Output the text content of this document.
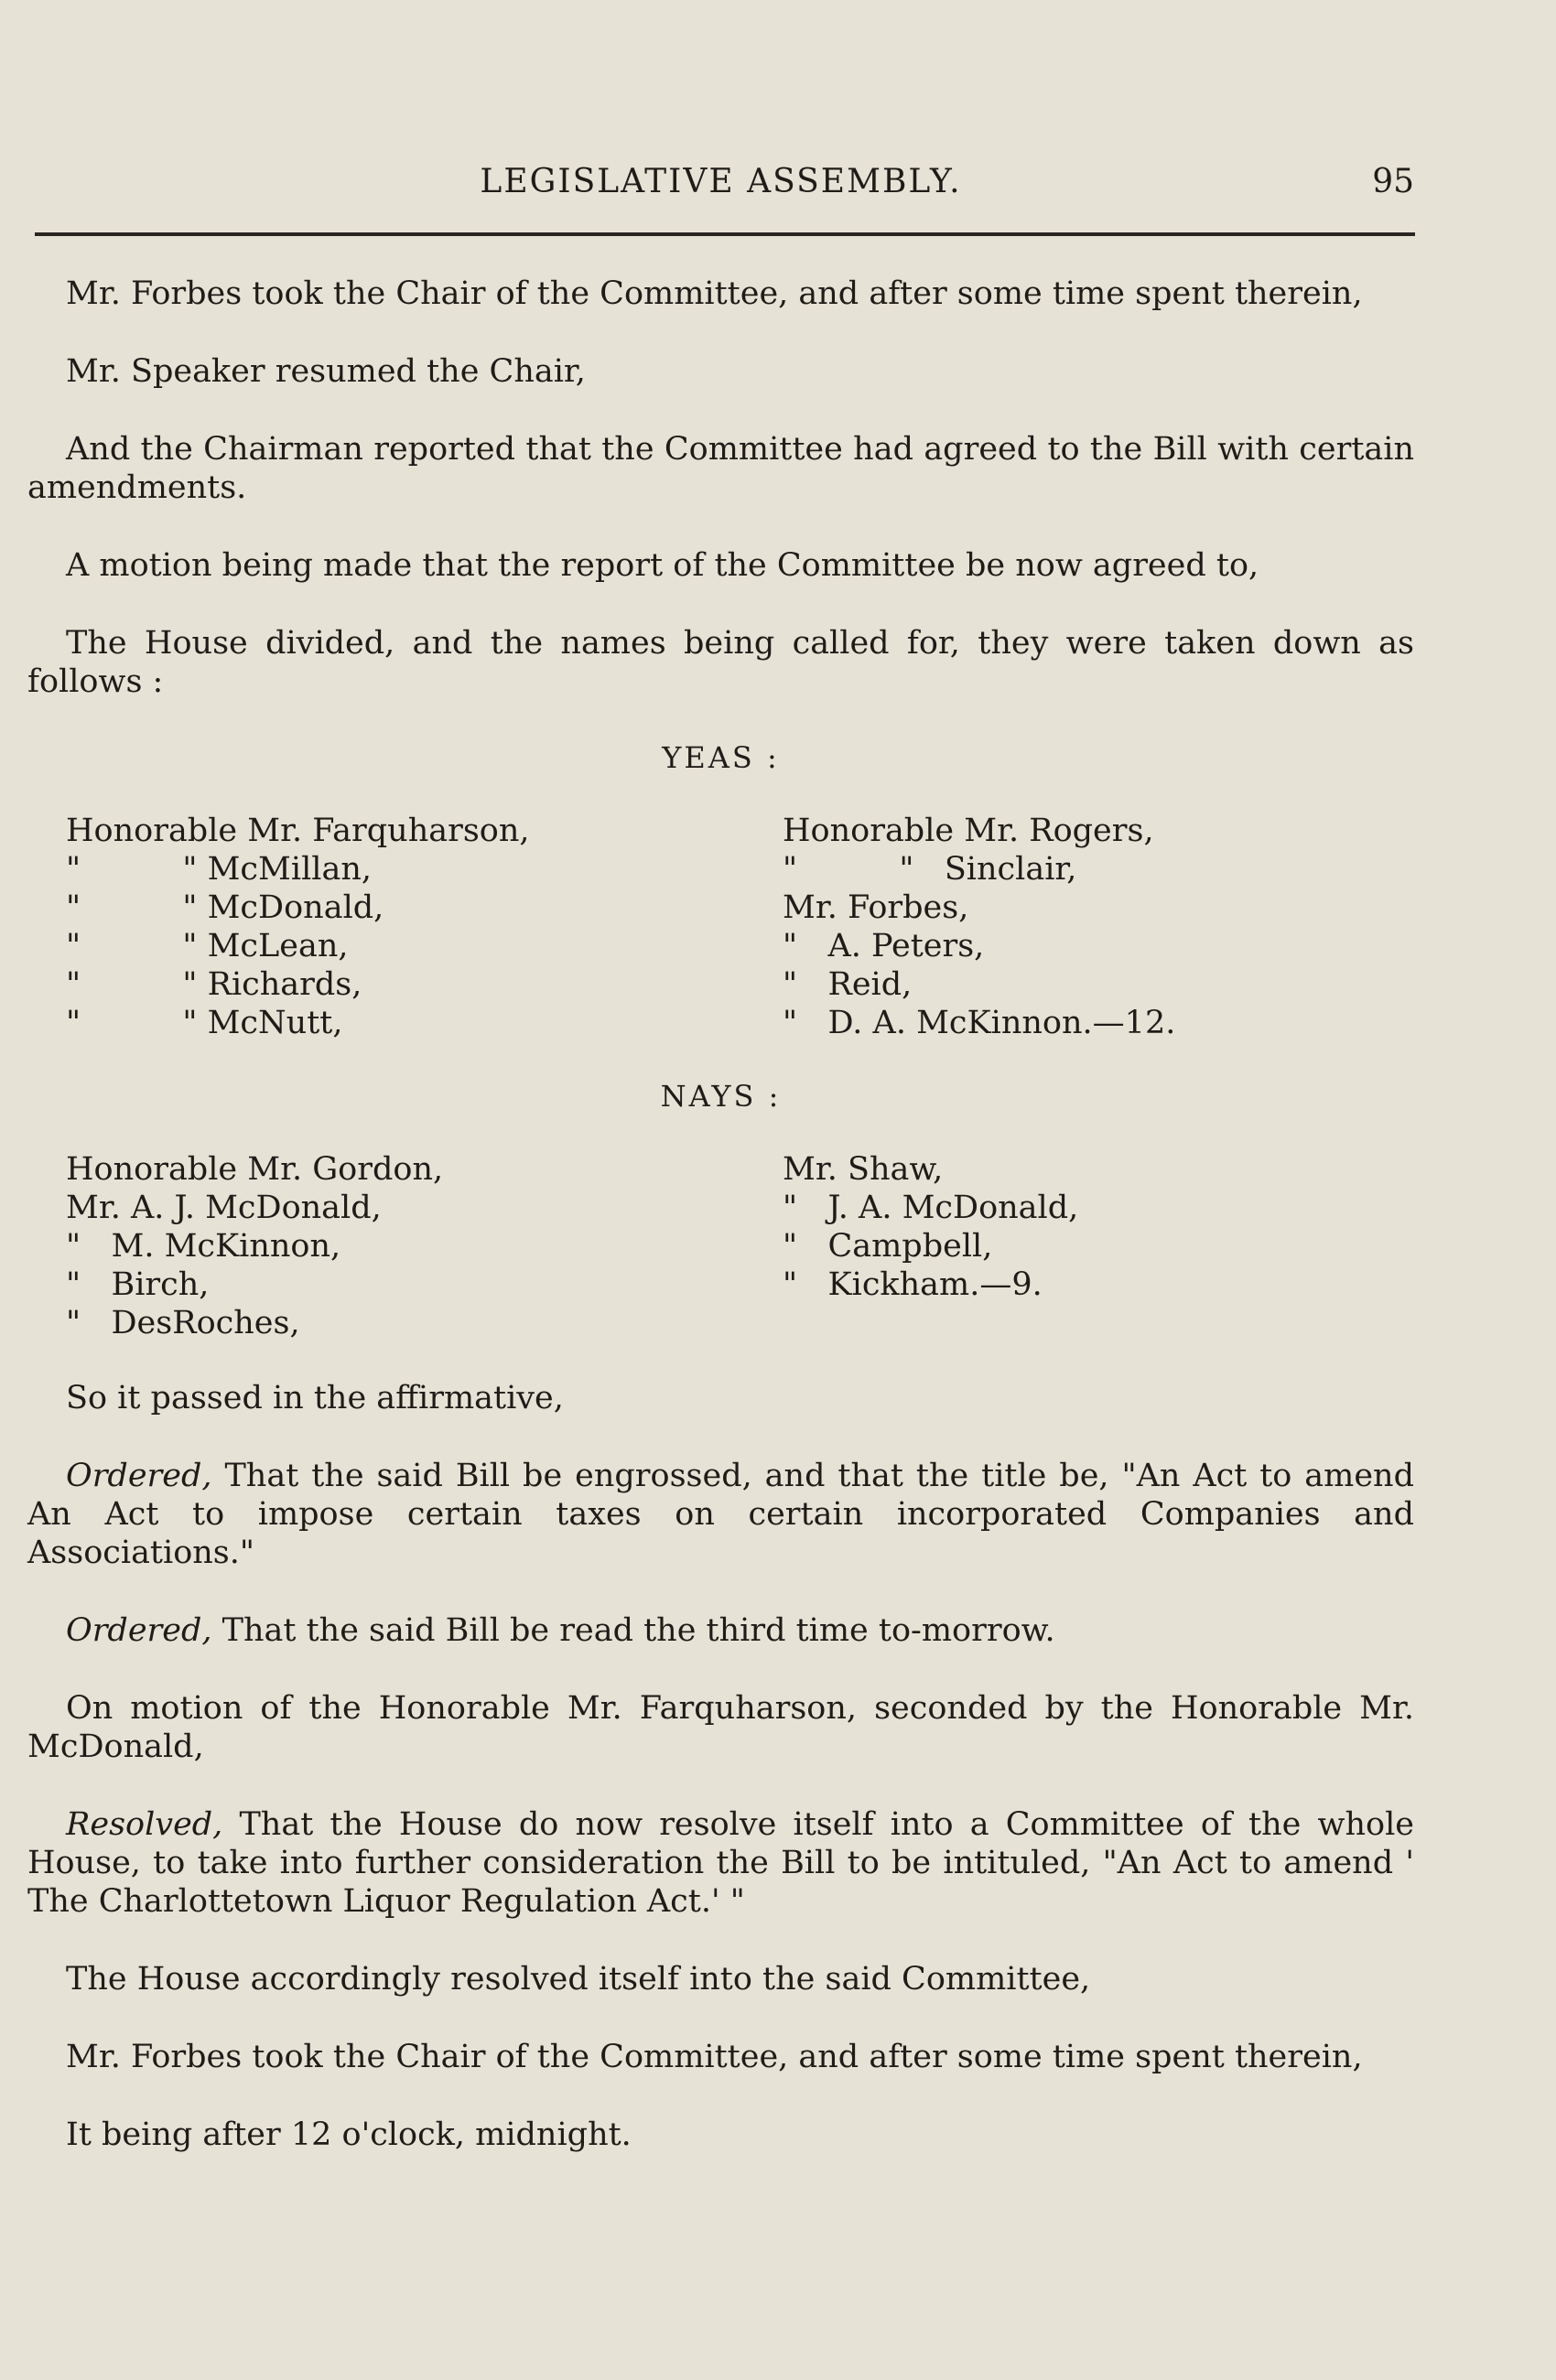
LEGISLATIVE ASSEMBLY.	95

Mr. Forbes took the Chair of the Committee, and after some time spent therein,

Mr. Speaker resumed the Chair,

And the Chairman reported that the Committee had agreed to the Bill with certain amendments.

A motion being made that the report of the Committee be now agreed to,

The House divided, and the names being called for, they were taken down as follows :

YEAS :
Honorable Mr.
Farquharson,
"          "
McMillan,
"          "
McDonald,
"          "
McLean,
"          "
Richards,
"          "
McNutt,
Honorable Mr. Rogers,
"          "   Sinclair,
Mr. Forbes,
"   A. Peters,
"   Reid,
"   D. A. McKinnon.—12.
NAYS :
Honorable Mr. Gordon,
Mr. A. J. McDonald,
"   M. McKinnon,
"   Birch,
"   DesRoches,
Mr. Shaw,
"   J. A. McDonald,
"   Campbell,
"   Kickham.—9.

So it passed in the affirmative,

Ordered, That the said Bill be engrossed, and that the title be, "An Act to amend An Act to impose certain taxes on certain incorporated Companies and Associations."

Ordered, That the said Bill be read the third time to-morrow.

On motion of the Honorable Mr. Farquharson, seconded by the Honorable Mr. McDonald,

Resolved, That the House do now resolve itself into a Committee of the whole House, to take into further consideration the Bill to be intituled, "An Act to amend ' The Charlottetown Liquor Regulation Act.' "

The House accordingly resolved itself into the said Committee,

Mr. Forbes took the Chair of the Committee, and after some time spent therein,

It being after 12 o'clock, midnight.
